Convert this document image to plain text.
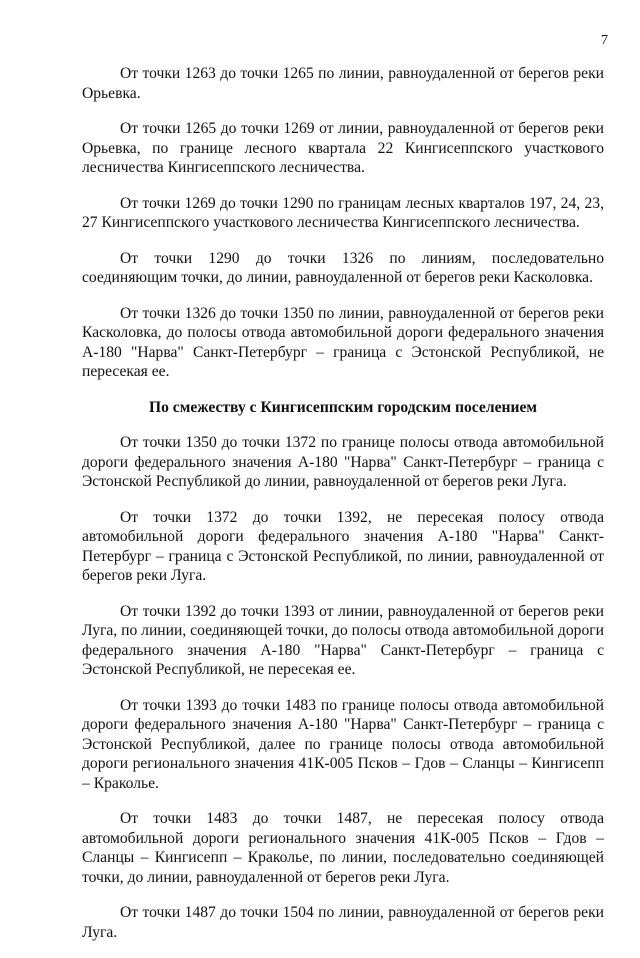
7

От точки 1263 до точки 1265 по линии, равноудаленной от берегов реки Орьевка.

От точки 1265 до точки 1269 от линии, равноудаленной от берегов реки Орьевка, по границе лесного квартала 22 Кингисеппского участкового лесничества Кингисеппского лесничества.

От точки 1269 до точки 1290 по границам лесных кварталов 197, 24, 23, 27 Кингисеппского участкового лесничества Кингисеппского лесничества.

От точки 1290 до точки 1326 по линиям, последовательно соединяющим точки, до линии, равноудаленной от берегов реки Касколовка.

От точки 1326 до точки 1350 по линии, равноудаленной от берегов реки Касколовка, до полосы отвода автомобильной дороги федерального значения А-180 "Нарва" Санкт-Петербург – граница с Эстонской Республикой, не пересекая ее.

По смежеству с Кингисеппским городским поселением

От точки 1350 до точки 1372 по границе полосы отвода автомобильной дороги федерального значения А-180 "Нарва" Санкт-Петербург – граница с Эстонской Республикой до линии, равноудаленной от берегов реки Луга.

От точки 1372 до точки 1392, не пересекая полосу отвода автомобильной дороги федерального значения А-180 "Нарва" Санкт-Петербург – граница с Эстонской Республикой, по линии, равноудаленной от берегов реки Луга.

От точки 1392 до точки 1393 от линии, равноудаленной от берегов реки Луга, по линии, соединяющей точки, до полосы отвода автомобильной дороги федерального значения А-180 "Нарва" Санкт-Петербург – граница с Эстонской Республикой, не пересекая ее.

От точки 1393 до точки 1483 по границе полосы отвода автомобильной дороги федерального значения А-180 "Нарва" Санкт-Петербург – граница с Эстонской Республикой, далее по границе полосы отвода автомобильной дороги регионального значения 41К-005 Псков – Гдов – Сланцы – Кингисепп – Краколье.

От точки 1483 до точки 1487, не пересекая полосу отвода автомобильной дороги регионального значения 41К-005 Псков – Гдов – Сланцы – Кингисепп – Краколье, по линии, последовательно соединяющей точки, до линии, равноудаленной от берегов реки Луга.

От точки 1487 до точки 1504 по линии, равноудаленной от берегов реки Луга.
